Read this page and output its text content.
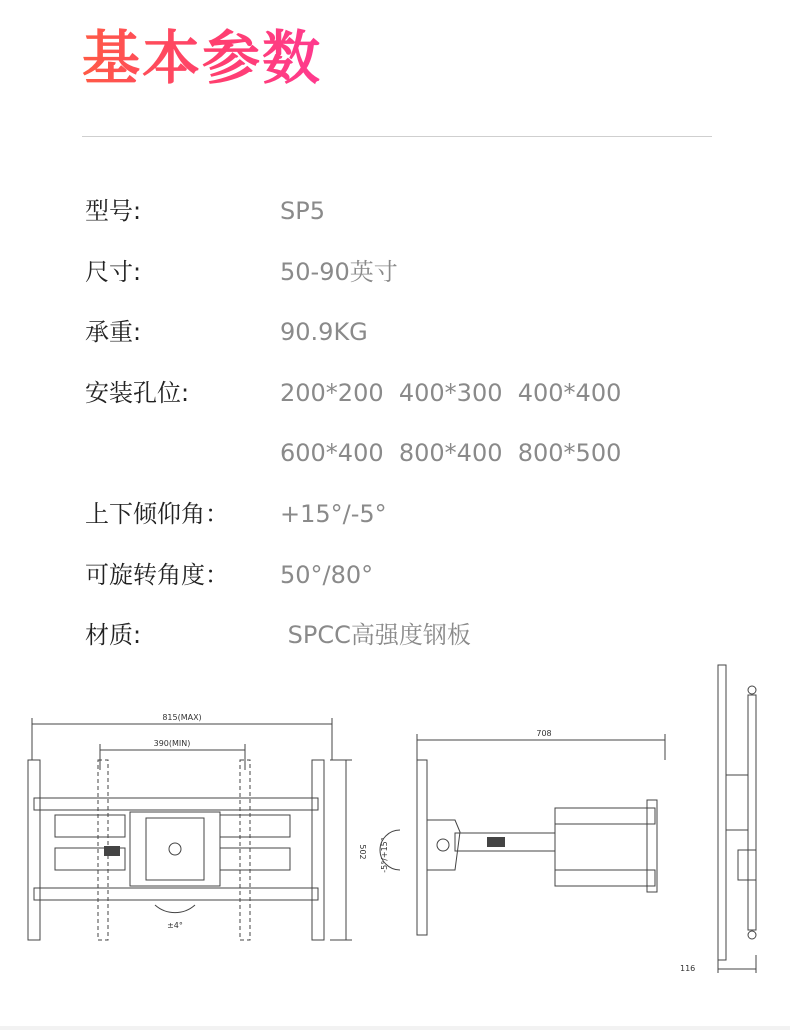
基本参数
型号:	SP5
尺寸:	50-90英寸
承重:	90.9KG
安装孔位:	200*200  400*300  400*400
600*400  800*400  800*500
上下倾仰角： +15°/-5°
可旋转角度： 50°/80°
材质:	SPCC高强度钢板
815(MAX)
390(MIN)
502
±4°
708
-5°/+15°
116
